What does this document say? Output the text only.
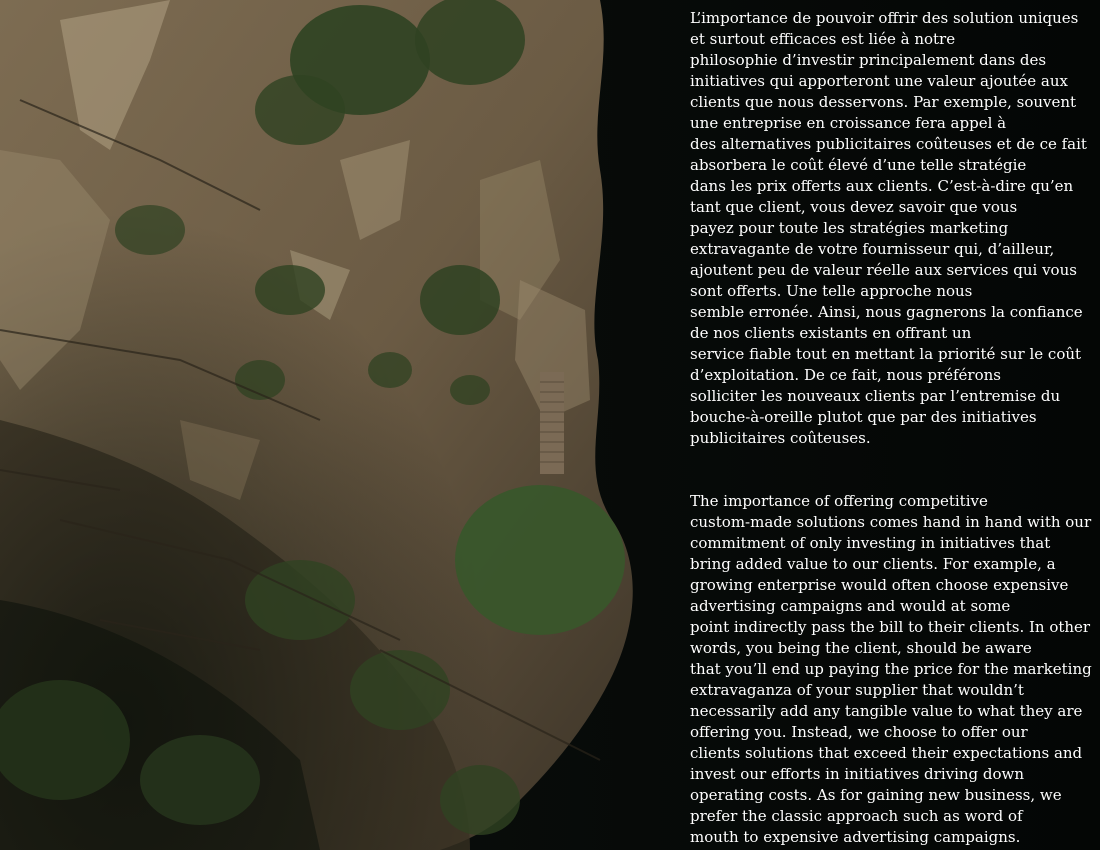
L’importance de pouvoir offrir des solution uniques
et surtout efficaces est liée à notre
philosophie d’investir principalement dans des
initiatives qui apporteront une valeur ajoutée aux
clients que nous desservons. Par exemple, souvent
une entreprise en croissance fera appel à
des alternatives publicitaires coûteuses et de ce fait
absorbera le coût élevé d’une telle stratégie
dans les prix offerts aux clients. C’est-à-dire qu’en
tant que client, vous devez savoir que vous
payez pour toute les stratégies marketing
extravagante de votre fournisseur qui, d’ailleur,
ajoutent peu de valeur réelle aux services qui vous
sont offerts. Une telle approche nous
semble erronée. Ainsi, nous gagnerons la confiance
de nos clients existants en offrant un
service fiable tout en mettant la priorité sur le coût
d’exploitation. De ce fait, nous préférons
solliciter les nouveaux clients par l’entremise du
bouche-à-oreille plutot que par des initiatives
publicitaires coûteuses.

The importance of offering competitive
custom-made solutions comes hand in hand with our
commitment of only investing in initiatives that
bring added value to our clients. For example, a
growing enterprise would often choose expensive
advertising campaigns and would at some
point indirectly pass the bill to their clients. In other
words, you being the client, should be aware
that you’ll end up paying the price for the marketing
extravaganza of your supplier that wouldn’t
necessarily add any tangible value to what they are
offering you. Instead, we choose to offer our
clients solutions that exceed their expectations and
invest our efforts in initiatives driving down
operating costs. As for gaining new business, we
prefer the classic approach such as word of
mouth to expensive advertising campaigns.
